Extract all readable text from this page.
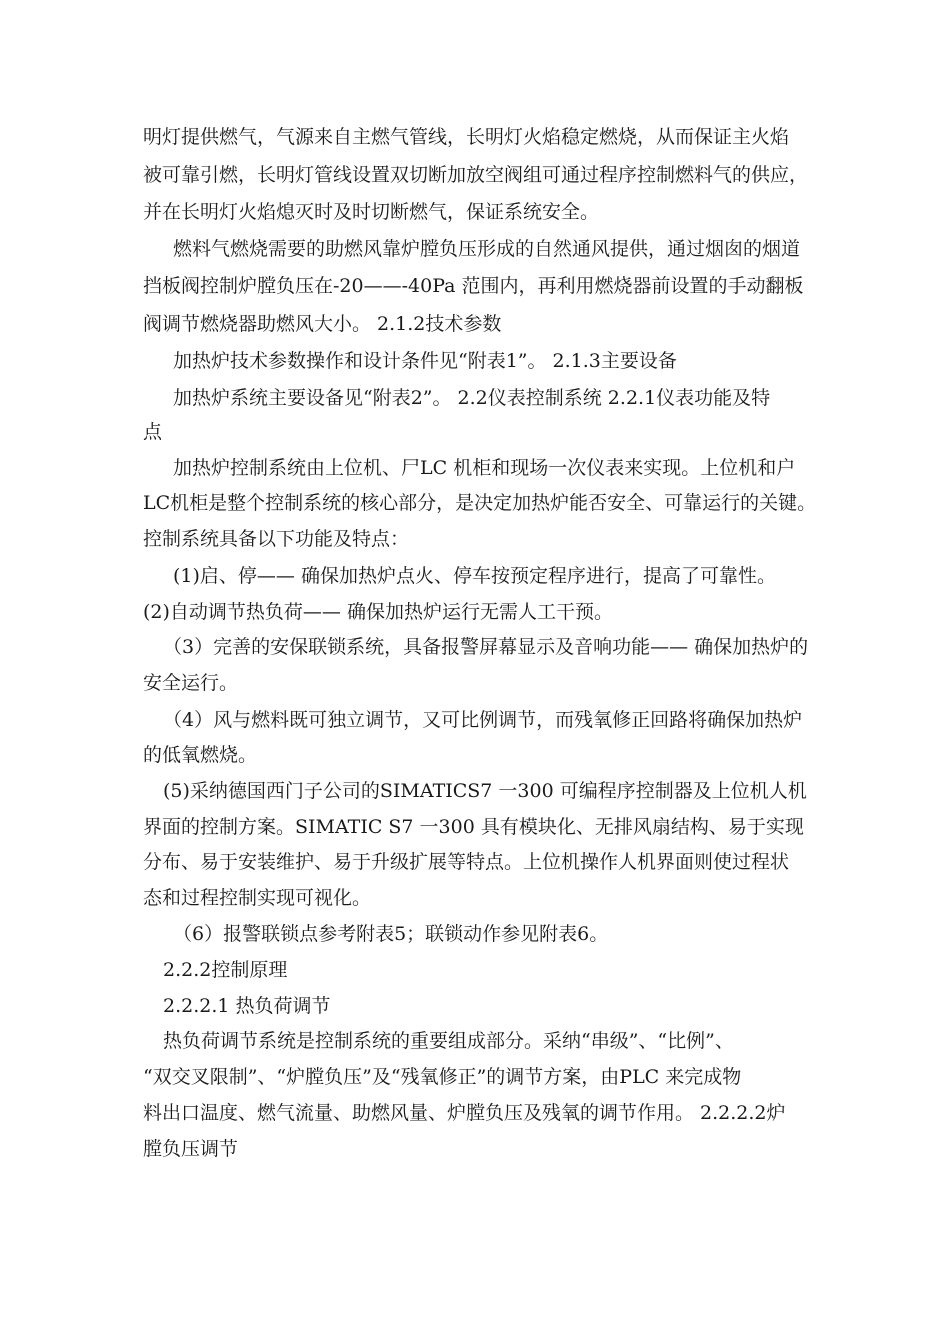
明灯提供燃气，气源来自主燃气管线，长明灯火焰稳定燃烧，从而保证主火焰
被可靠引燃，长明灯管线设置双切断加放空阀组可通过程序控制燃料气的供应，
并在长明灯火焰熄灭时及时切断燃气，保证系统安全。
燃料气燃烧需要的助燃风靠炉膛负压形成的自然通风提供，通过烟囱的烟道
挡板阀控制炉膛负压在-20——-40Pa 范围内，再利用燃烧器前设置的手动翻板
阀调节燃烧器助燃风大小。 2.1.2技术参数
加热炉技术参数操作和设计条件见“附表1”。 2.1.3主要设备
加热炉系统主要设备见“附表2”。 2.2仪表控制系统 2.2.1仪表功能及特
点
加热炉控制系统由上位机、尸LC 机柜和现场一次仪表来实现。上位机和户
LC机柜是整个控制系统的核心部分，是决定加热炉能否安全、可靠运行的关键。
控制系统具备以下功能及特点：
(1)启、停—— 确保加热炉点火、停车按预定程序进行，提高了可靠性。
(2)自动调节热负荷—— 确保加热炉运行无需人工干预。
（3）完善的安保联锁系统，具备报警屏幕显示及音响功能—— 确保加热炉的
安全运行。
（4）风与燃料既可独立调节，又可比例调节，而残氧修正回路将确保加热炉
的低氧燃烧。
(5)采纳德国西门子公司的SIMATICS7 一300 可编程序控制器及上位机人机
界面的控制方案。SIMATIC S7 一300 具有模块化、无排风扇结构、易于实现
分布、易于安装维护、易于升级扩展等特点。上位机操作人机界面则使过程状
态和过程控制实现可视化。
（6）报警联锁点参考附表5；联锁动作参见附表6。
2.2.2控制原理
2.2.2.1 热负荷调节
热负荷调节系统是控制系统的重要组成部分。采纳“串级”、“比例”、
“双交叉限制”、“炉膛负压”及“残氧修正”的调节方案，由PLC 来完成物
料出口温度、燃气流量、助燃风量、炉膛负压及残氧的调节作用。 2.2.2.2炉
膛负压调节
